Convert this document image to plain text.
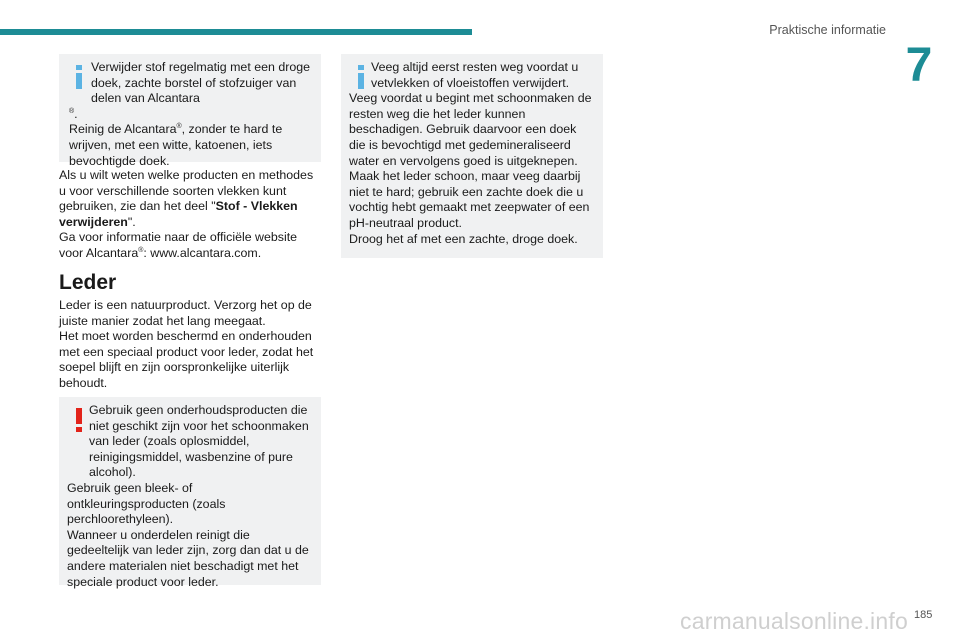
Praktische informatie
7

Verwijder stof regelmatig met een droge doek, zachte borstel of stofzuiger van delen van Alcantara
®.

Reinig de Alcantara®, zonder te hard te wrijven, met een witte, katoenen, iets bevochtigde doek.

Als u wilt weten welke producten en methodes u voor verschillende soorten vlekken kunt gebruiken, zie dan het deel "Stof - Vlekken verwijderen".

Ga voor informatie naar de officiële website voor Alcantara®: www.alcantara.com.

Leder

Leder is een natuurproduct. Verzorg het op de juiste manier zodat het lang meegaat.

Het moet worden beschermd en onderhouden met een speciaal product voor leder, zodat het soepel blijft en zijn oorspronkelijke uiterlijk behoudt.

Gebruik geen onderhoudsproducten die niet geschikt zijn voor het schoonmaken van leder (zoals oplosmiddel, reinigingsmiddel, wasbenzine of pure alcohol).

Gebruik geen bleek- of ontkleuringsproducten (zoals perchloorethyleen).

Wanneer u onderdelen reinigt die gedeeltelijk van leder zijn, zorg dan dat u de andere materialen niet beschadigt met het speciale product voor leder.

Veeg altijd eerst resten weg voordat u vetvlekken of vloeistoffen verwijdert.

Veeg voordat u begint met schoonmaken de resten weg die het leder kunnen beschadigen. Gebruik daarvoor een doek die is bevochtigd met gedemineraliseerd water en vervolgens goed is uitgeknepen.

Maak het leder schoon, maar veeg daarbij niet te hard; gebruik een zachte doek die u vochtig hebt gemaakt met zeepwater of een pH-neutraal product.

Droog het af met een zachte, droge doek.

carmanualsonline.info 185
